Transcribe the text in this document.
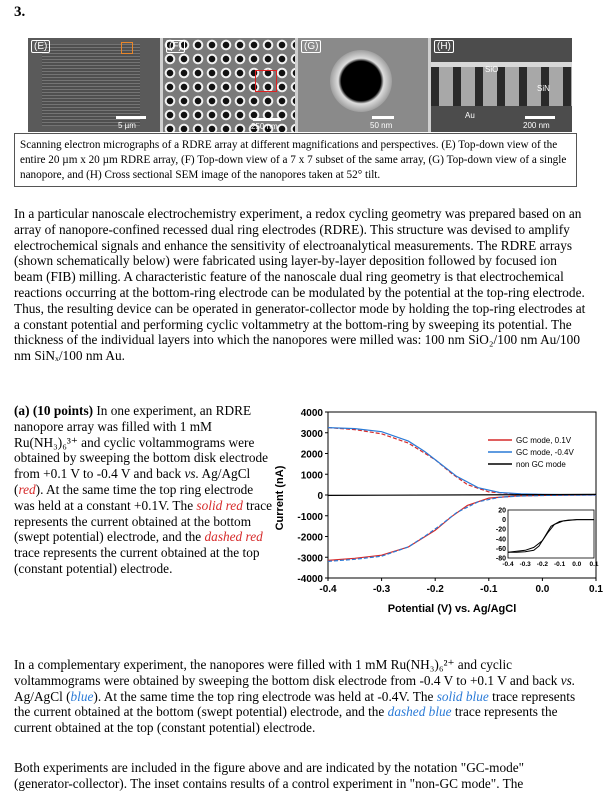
3.
(E)
5 µm
(F)
250 nm
(G)
50 nm
(H)
SiO
SiN
Au
200 nm
Scanning electron micrographs of a RDRE array at different magnifications and perspectives. (E) Top-down view of the entire 20 µm x 20 µm RDRE array, (F) Top-down view of a 7 x 7 subset of the same array, (G) Top-down view of a single nanopore, and (H) Cross sectional SEM image of the nanopores taken at 52° tilt.

In a particular nanoscale electrochemistry experiment, a redox cycling geometry was prepared based on an array of nanopore-confined recessed dual ring electrodes (RDRE). This structure was devised to amplify electrochemical signals and enhance the sensitivity of electroanalytical measurements. The RDRE arrays (shown schematically below) were fabricated using layer-by-layer deposition followed by focused ion beam (FIB) milling. A characteristic feature of the nanoscale dual ring geometry is that electrochemical reactions occurring at the bottom-ring electrode can be modulated by the potential at the top-ring electrode. Thus, the resulting device can be operated in generator-collector mode by holding the top-ring electrodes at a constant potential and performing cyclic voltammetry at the bottom-ring by sweeping its potential. The thickness of the individual layers into which the nanopores were milled was: 100 nm SiO₂/100 nm Au/100 nm SiNₓ/100 nm Au.

(a) (10 points) In one experiment, an RDRE nanopore array was filled with 1 mM Ru(NH₃)₆³⁺ and cyclic voltammograms were obtained by sweeping the bottom disk electrode from +0.1 V to -0.4 V and back vs. Ag/AgCl (red). At the same time the top ring electrode was held at a constant +0.1V. The solid red trace represents the current obtained at the bottom (swept potential) electrode, and the dashed red trace represents the current obtained at the top (constant potential) electrode.

Current (nA)
Potential (V) vs. Ag/AgCl
4000
3000
2000
1000
0
-1000
-2000
-3000
-4000
-0.4	-0.3	-0.2	-0.1	0.0	0.1
GC mode, 0.1V
GC mode, -0.4V
non GC mode
20
0
-20
-40
-60
-80
-0.4 -0.3 -0.2 -0.1 0.0 0.1

In a complementary experiment, the nanopores were filled with 1 mM Ru(NH₃)₆²⁺ and cyclic voltammograms were obtained by sweeping the bottom disk electrode from -0.4 V to +0.1 V and back vs. Ag/AgCl (blue). At the same time the top ring electrode was held at -0.4V. The solid blue trace represents the current obtained at the bottom (swept potential) electrode, and the dashed blue trace represents the current obtained at the top (constant potential) electrode.

Both experiments are included in the figure above and are indicated by the notation "GC-mode" (generator-collector). The inset contains results of a control experiment in "non-GC mode". The
